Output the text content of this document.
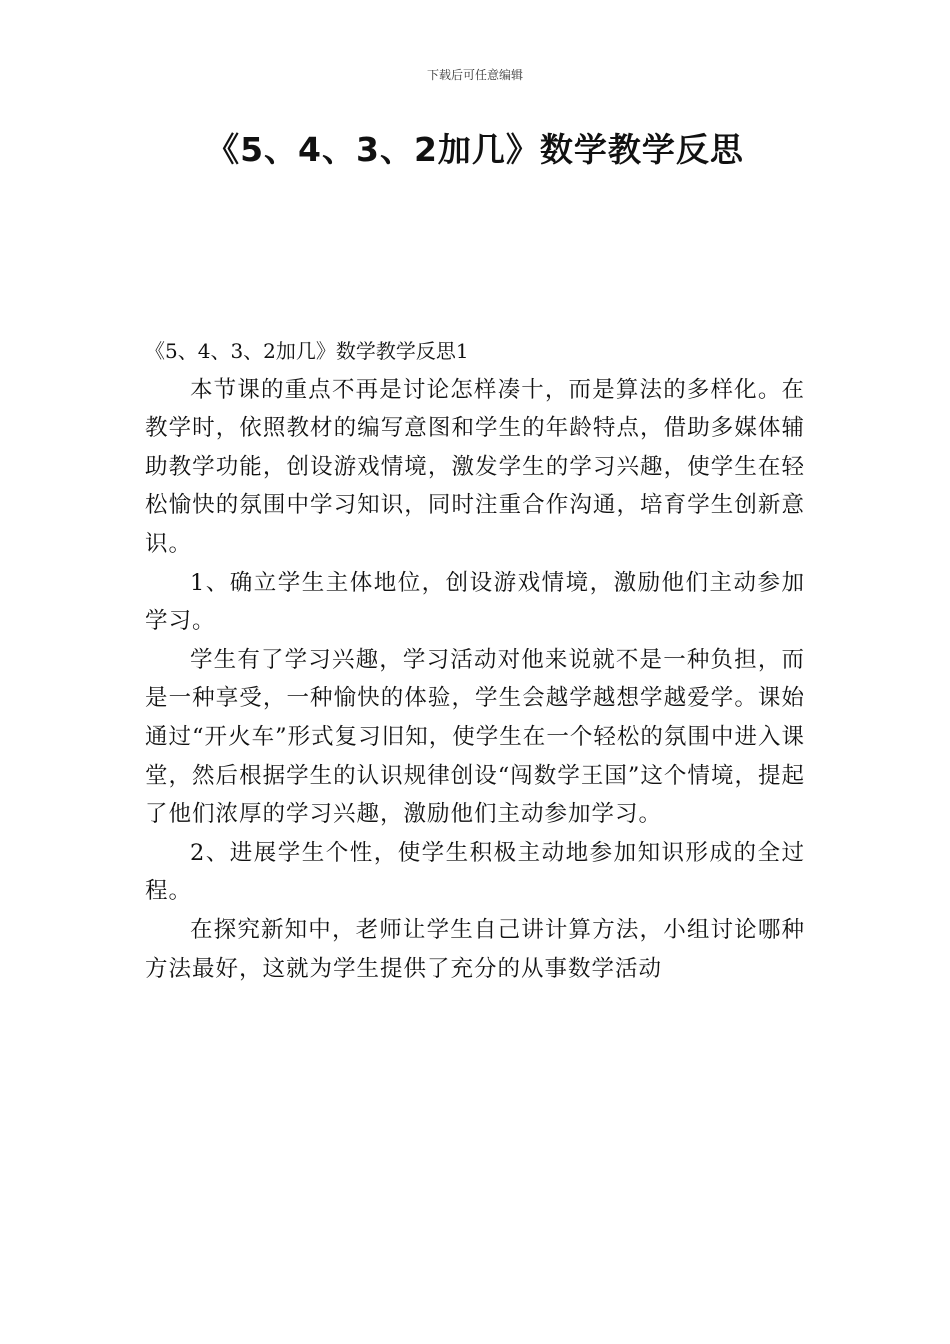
下载后可任意编辑
《5、4、3、2加几》数学教学反思

《5、4、3、2加几》数学教学反思1

本节课的重点不再是讨论怎样凑十，而是算法的多样化。在教学时，依照教材的编写意图和学生的年龄特点，借助多媒体辅助教学功能，创设游戏情境，激发学生的学习兴趣，使学生在轻松愉快的氛围中学习知识，同时注重合作沟通，培育学生创新意识。

1、确立学生主体地位，创设游戏情境，激励他们主动参加学习。

学生有了学习兴趣，学习活动对他来说就不是一种负担，而是一种享受，一种愉快的体验，学生会越学越想学越爱学。课始通过“开火车”形式复习旧知，使学生在一个轻松的氛围中进入课堂，然后根据学生的认识规律创设“闯数学王国”这个情境，提起了他们浓厚的学习兴趣，激励他们主动参加学习。

2、进展学生个性，使学生积极主动地参加知识形成的全过程。

在探究新知中，老师让学生自己讲计算方法，小组讨论哪种方法最好，这就为学生提供了充分的从事数学活动
